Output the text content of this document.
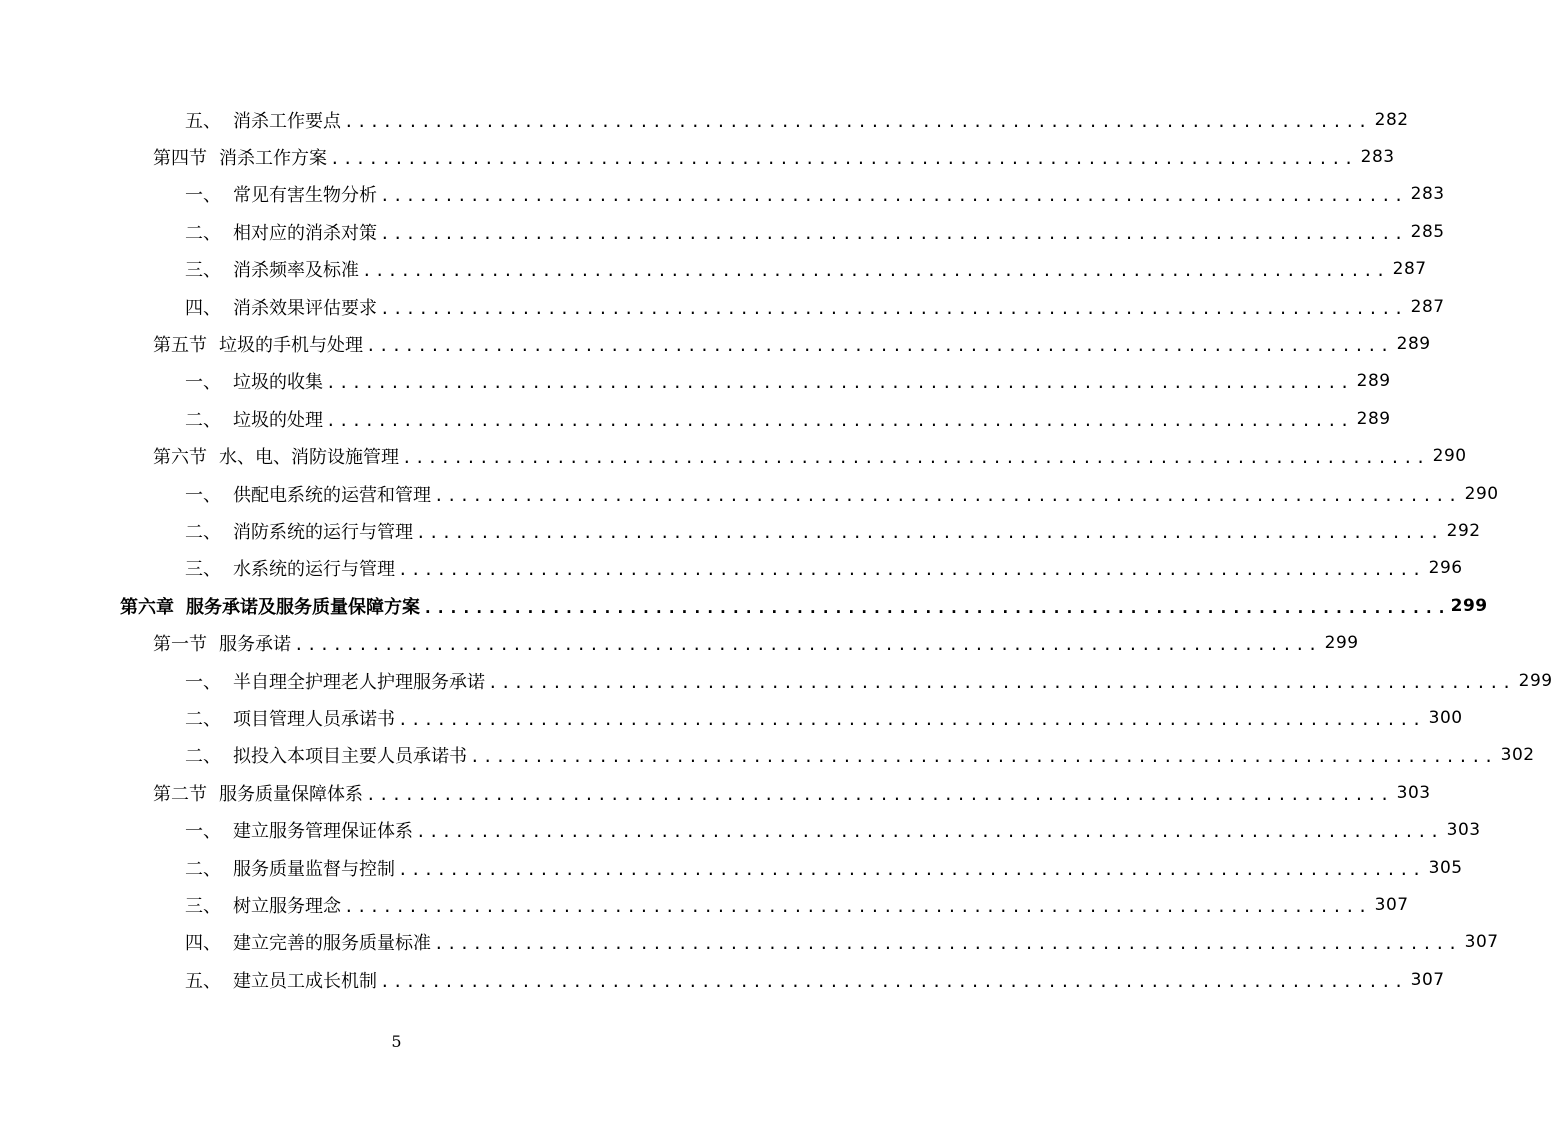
五、 消杀工作要点 ................................................................................ 282
第四节 消杀工作方案 ................................................................................ 283
一、 常见有害生物分析 ................................................................................ 283
二、 相对应的消杀对策 ................................................................................ 285
三、 消杀频率及标准 ................................................................................ 287
四、 消杀效果评估要求 ................................................................................ 287
第五节 垃圾的手机与处理 ................................................................................ 289
一、 垃圾的收集 ................................................................................ 289
二、 垃圾的处理 ................................................................................ 289
第六节 水、电、消防设施管理 ................................................................................ 290
一、 供配电系统的运营和管理 ................................................................................ 290
二、 消防系统的运行与管理 ................................................................................ 292
三、 水系统的运行与管理 ................................................................................ 296
第六章 服务承诺及服务质量保障方案 ................................................................................ 299
第一节 服务承诺 ................................................................................ 299
一、 半自理全护理老人护理服务承诺 ................................................................................ 299
二、 项目管理人员承诺书 ................................................................................ 300
二、 拟投入本项目主要人员承诺书 ................................................................................ 302
第二节 服务质量保障体系 ................................................................................ 303
一、 建立服务管理保证体系 ................................................................................ 303
二、 服务质量监督与控制 ................................................................................ 305
三、 树立服务理念 ................................................................................ 307
四、 建立完善的服务质量标准 ................................................................................ 307
五、 建立员工成长机制 ................................................................................ 307
5
